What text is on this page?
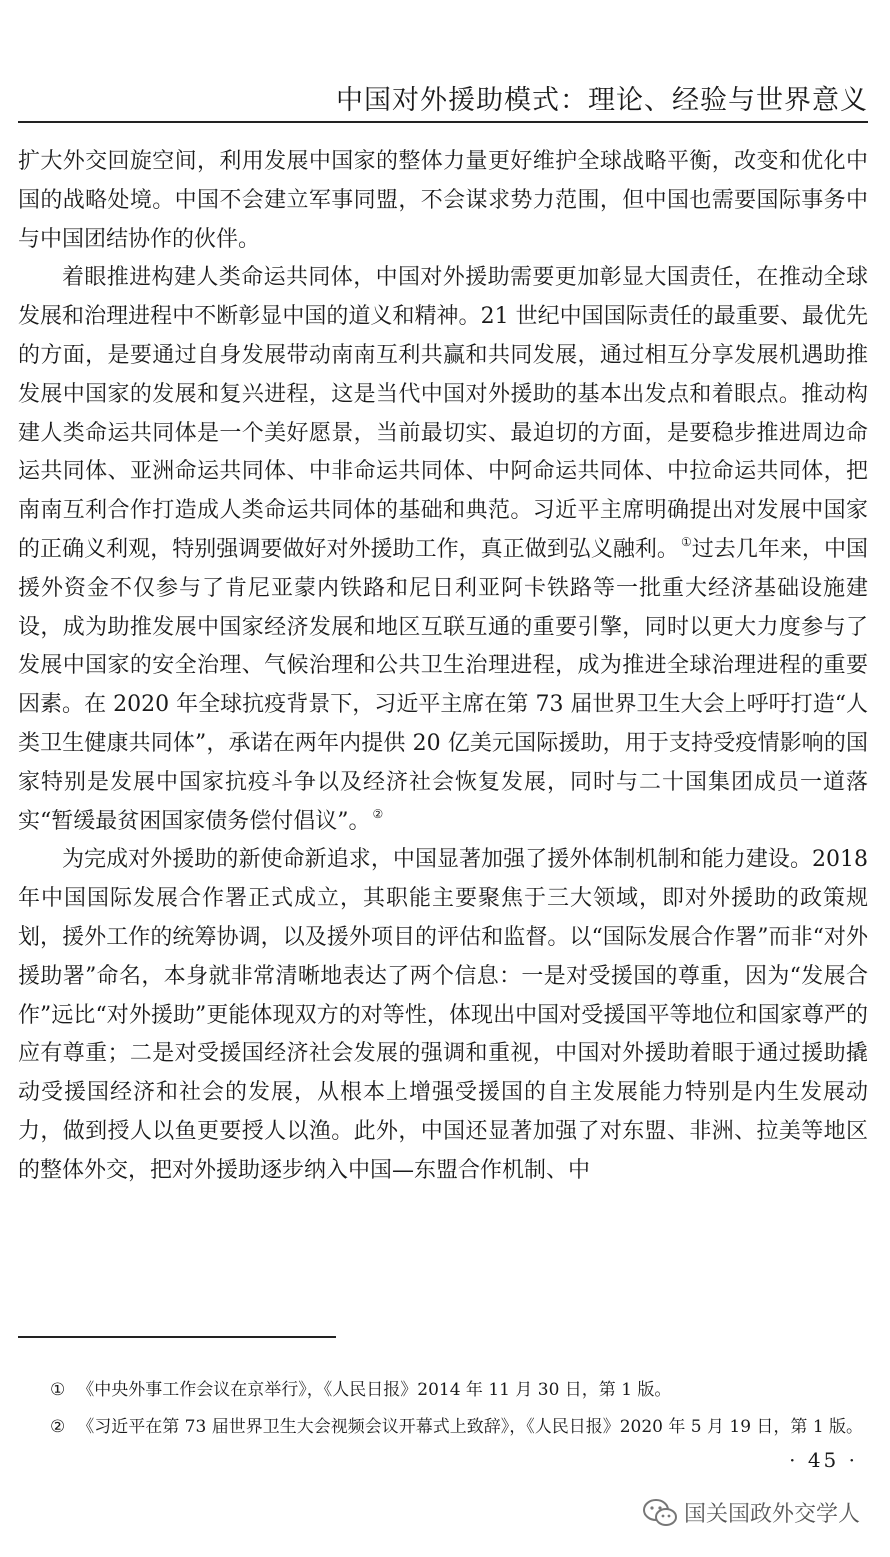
中国对外援助模式：理论、经验与世界意义

扩大外交回旋空间，利用发展中国家的整体力量更好维护全球战略平衡，改变和优化中国的战略处境。中国不会建立军事同盟，不会谋求势力范围，但中国也需要国际事务中与中国团结协作的伙伴。

着眼推进构建人类命运共同体，中国对外援助需要更加彰显大国责任，在推动全球发展和治理进程中不断彰显中国的道义和精神。21 世纪中国国际责任的最重要、最优先的方面，是要通过自身发展带动南南互利共赢和共同发展，通过相互分享发展机遇助推发展中国家的发展和复兴进程，这是当代中国对外援助的基本出发点和着眼点。推动构建人类命运共同体是一个美好愿景，当前最切实、最迫切的方面，是要稳步推进周边命运共同体、亚洲命运共同体、中非命运共同体、中阿命运共同体、中拉命运共同体，把南南互利合作打造成人类命运共同体的基础和典范。习近平主席明确提出对发展中国家的正确义利观，特别强调要做好对外援助工作，真正做到弘义融利。 ①过去几年来，中国援外资金不仅参与了肯尼亚蒙内铁路和尼日利亚阿卡铁路等一批重大经济基础设施建设，成为助推发展中国家经济发展和地区互联互通的重要引擎，同时以更大力度参与了发展中国家的安全治理、气候治理和公共卫生治理进程，成为推进全球治理进程的重要因素。在 2020 年全球抗疫背景下，习近平主席在第 73 届世界卫生大会上呼吁打造“人类卫生健康共同体”，承诺在两年内提供 20 亿美元国际援助，用于支持受疫情影响的国家特别是发展中国家抗疫斗争以及经济社会恢复发展，同时与二十国集团成员一道落实“暂缓最贫困国家债务偿付倡议”。 ②

为完成对外援助的新使命新追求，中国显著加强了援外体制机制和能力建设。2018 年中国国际发展合作署正式成立，其职能主要聚焦于三大领域，即对外援助的政策规划，援外工作的统筹协调，以及援外项目的评估和监督。以“国际发展合作署”而非“对外援助署”命名，本身就非常清晰地表达了两个信息：一是对受援国的尊重，因为“发展合作”远比“对外援助”更能体现双方的对等性，体现出中国对受援国平等地位和国家尊严的应有尊重；二是对受援国经济社会发展的强调和重视，中国对外援助着眼于通过援助撬动受援国经济和社会的发展，从根本上增强受援国的自主发展能力特别是内生发展动力，做到授人以鱼更要授人以渔。此外，中国还显著加强了对东盟、非洲、拉美等地区的整体外交，把对外援助逐步纳入中国—东盟合作机制、中

① 《中央外事工作会议在京举行》，《人民日报》2014 年 11 月 30 日，第 1 版。
② 《习近平在第 73 届世界卫生大会视频会议开幕式上致辞》，《人民日报》2020 年 5 月 19 日，第 1 版。
· 45 ·
国关国政外交学人
